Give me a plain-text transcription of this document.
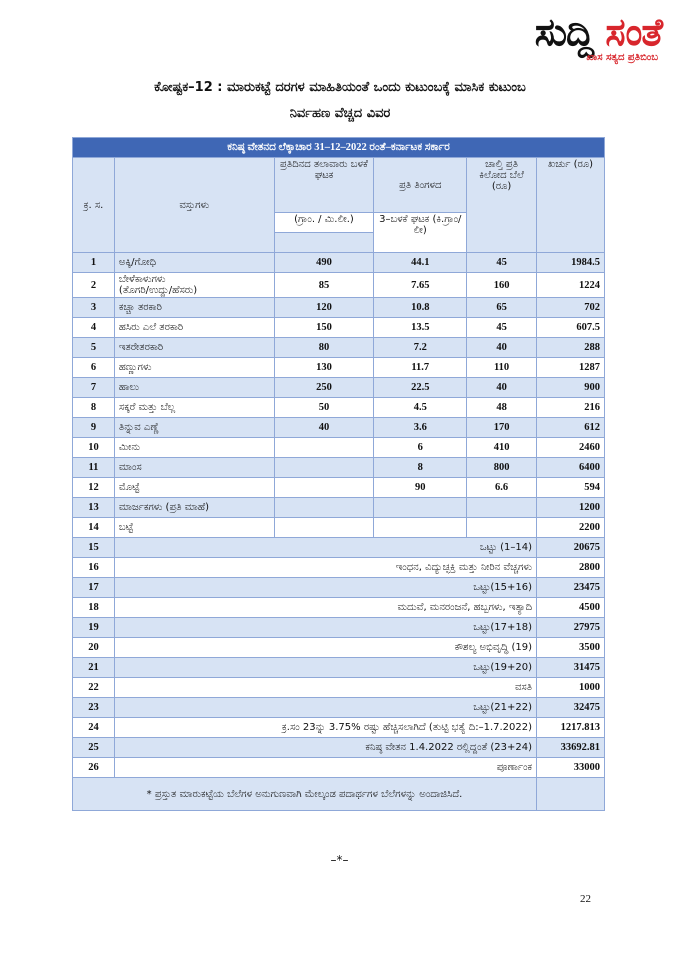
ಸುದ್ದಿ ಸಂತೆ
ಖಾಸ ಸತ್ಯದ ಪ್ರತಿಬಿಂಬ
ಕೋಷ್ಟಕ–12 : ಮಾರುಕಟ್ಟೆ ದರಗಳ ಮಾಹಿತಿಯಂತೆ ಒಂದು ಕುಟುಂಬಕ್ಕೆ ಮಾಸಿಕ ಕುಟುಂಬ
ನಿರ್ವಹಣ ವೆಚ್ಚದ ವಿವರ
ಕನಿಷ್ಠ ವೇತನದ ಲೆಕ್ಕಾಚಾರ 31–12–2022 ರಂತೆ–ಕರ್ನಾಟಕ ಸರ್ಕಾರ					
ಕ್ರ. ಸ.	ವಸ್ತುಗಳು	ಪ್ರತಿದಿನದ ತಲಾವಾರು ಬಳಕೆ ಘಟಕ	ಪ್ರತಿ ತಿಂಗಳದ	ಚಾಲ್ತಿ ಪ್ರತಿ ಕಿಲೋದ ಬೆಲೆ (ರೂ)	ಖರ್ಚು (ರೂ)
		(ಗ್ರಾಂ. / ಮಿ.ಲೀ.)	3–ಬಳಕೆ ಘಟಕ (ಕಿ.ಗ್ರಾಂ/ಲೀ)		

1	ಅಕ್ಕಿ/ಗೋಧಿ	490	44.1	45	1984.5
2	ಬೇಳೆಕಾಳುಗಳು
(ತೊಗರಿ/ಉದ್ದು/ಹೆಸರು)	85	7.65	160	1224
3	ಕಚ್ಚಾ ತರಕಾರಿ	120	10.8	65	702
4	ಹಸಿರು ಎಲೆ ತರಕಾರಿ	150	13.5	45	607.5
5	ಇತರೇತರಕಾರಿ	80	7.2	40	288
6	ಹಣ್ಣುಗಳು	130	11.7	110	1287
7	ಹಾಲು	250	22.5	40	900
8	ಸಕ್ಕರೆ ಮತ್ತು ಬೆಲ್ಲ	50	4.5	48	216
9	ತಿನ್ನುವ ಎಣ್ಣೆ	40	3.6	170	612
10	ಮೀನು		6	410	2460
11	ಮಾಂಸ		8	800	6400
12	ಮೊಟ್ಟೆ		90	6.6	594
13	ಮಾರ್ಜಕಗಳು (ಪ್ರತಿ ಮಾಹೆ)				1200
14	ಬಟ್ಟೆ				2200
15	ಒಟ್ಟು (1–14)				20675
16	ಇಂಧನ, ವಿದ್ಯುಚ್ಛಕ್ತಿ ಮತ್ತು ನೀರಿನ ವೆಚ್ಚಗಳು				2800
17	ಒಟ್ಟು(15+16)				23475
18	ಮದುವೆ, ಮನರಂಜನೆ, ಹಬ್ಬಗಳು, ಇತ್ಯಾದಿ				4500
19	ಒಟ್ಟು(17+18)				27975
20	ಕೌಶಲ್ಯ ಅಭಿವೃದ್ಧಿ (19)				3500
21	ಒಟ್ಟು(19+20)				31475
22	ವಸತಿ				1000
23	ಒಟ್ಟು(21+22)				32475
24	ಕ್ರ.ಸಂ 23ನ್ನು 3.75% ರಷ್ಟು ಹೆಚ್ಚಿಸಲಾಗಿದೆ (ತುಟ್ಟಿ ಭತ್ಯೆ ದಿ:–1.7.2022)				1217.813
25	ಕನಿಷ್ಠ ವೇತನ 1.4.2022 ರಲ್ಲಿದ್ದಂತೆ (23+24)				33692.81
26	ಪೂರ್ಣಾಂಕ				33000
* ಪ್ರಸ್ತುತ ಮಾರುಕಟ್ಟೆಯ ಬೆಲೆಗಳ ಅನುಗುಣವಾಗಿ ಮೇಲ್ಕಂಡ ಪದಾರ್ಥಗಳ ಬೆಲೆಗಳನ್ನು ಅಂದಾಜಿಸಿದೆ.					
–*–
22
